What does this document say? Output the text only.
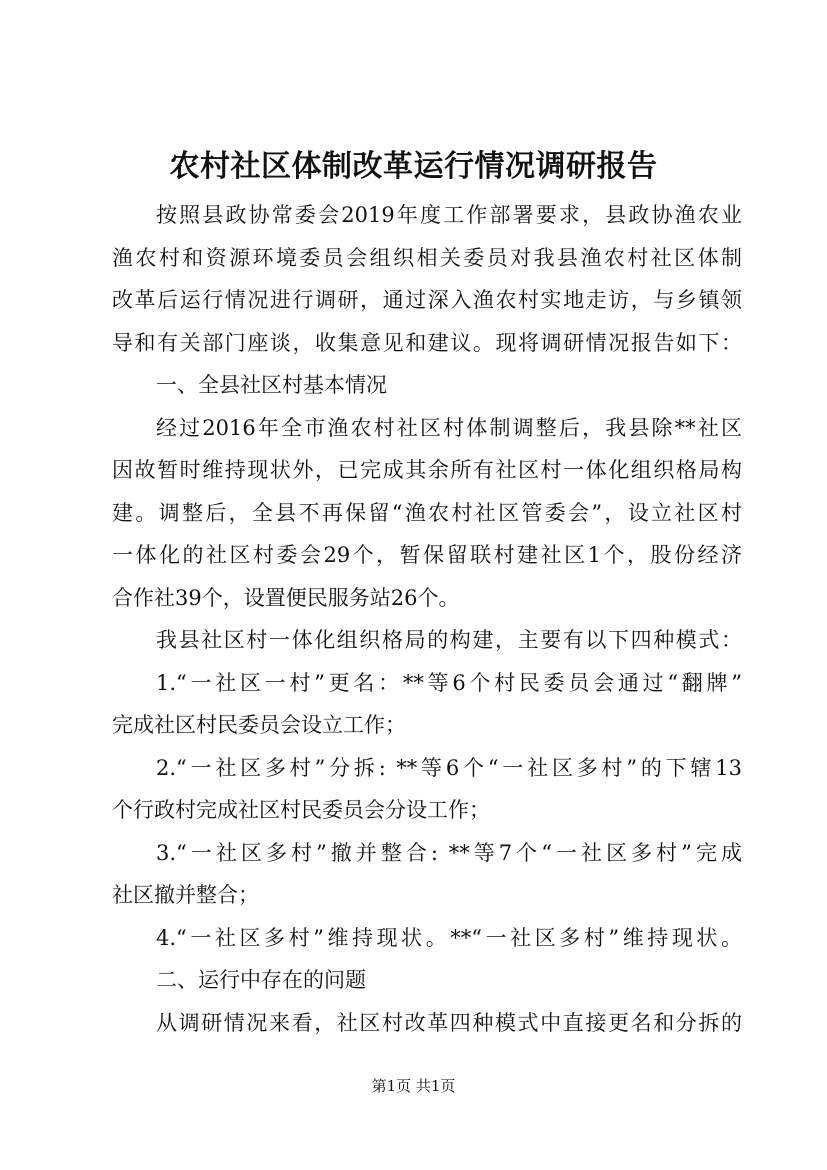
农村社区体制改革运行情况调研报告
按照县政协常委会2019年度工作部署要求，县政协渔农业
渔农村和资源环境委员会组织相关委员对我县渔农村社区体制
改革后运行情况进行调研，通过深入渔农村实地走访，与乡镇领
导和有关部门座谈，收集意见和建议。现将调研情况报告如下：
一、全县社区村基本情况
经过2016年全市渔农村社区村体制调整后，我县除**社区
因故暂时维持现状外，已完成其余所有社区村一体化组织格局构
建。调整后，全县不再保留“渔农村社区管委会”，设立社区村
一体化的社区村委会29个，暂保留联村建社区1个，股份经济
合作社39个，设置便民服务站26个。
我县社区村一体化组织格局的构建，主要有以下四种模式：
1.“一社区一村”更名：**等6个村民委员会通过“翻牌”
完成社区村民委员会设立工作；
2.“一社区多村”分拆: **等6个“一社区多村”的下辖13
个行政村完成社区村民委员会分设工作；
3.“一社区多村”撤并整合: **等7个“一社区多村”完成
社区撤并整合；
4.“一社区多村”维持现状。**“一社区多村”维持现状。
二、运行中存在的问题
从调研情况来看，社区村改革四种模式中直接更名和分拆的
第1页 共1页
